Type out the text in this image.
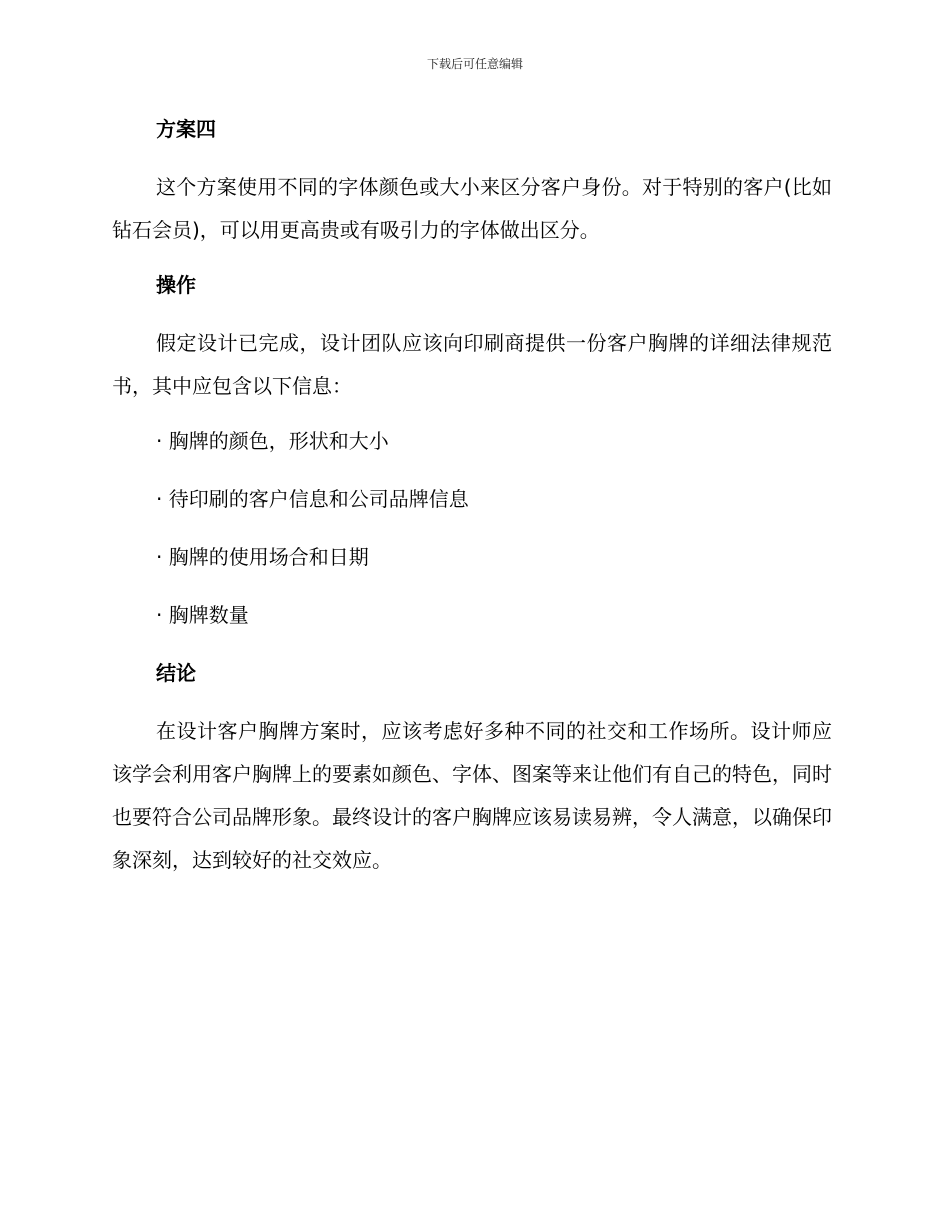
下载后可任意编辑
方案四

这个方案使用不同的字体颜色或大小来区分客户身份。对于特别的客户(比如钻石会员)，可以用更高贵或有吸引力的字体做出区分。

操作

假定设计已完成，设计团队应该向印刷商提供一份客户胸牌的详细法律规范书，其中应包含以下信息：

· 胸牌的颜色，形状和大小
· 待印刷的客户信息和公司品牌信息
· 胸牌的使用场合和日期
· 胸牌数量
结论

在设计客户胸牌方案时，应该考虑好多种不同的社交和工作场所。设计师应该学会利用客户胸牌上的要素如颜色、字体、图案等来让他们有自己的特色，同时也要符合公司品牌形象。最终设计的客户胸牌应该易读易辨，令人满意，以确保印象深刻，达到较好的社交效应。
